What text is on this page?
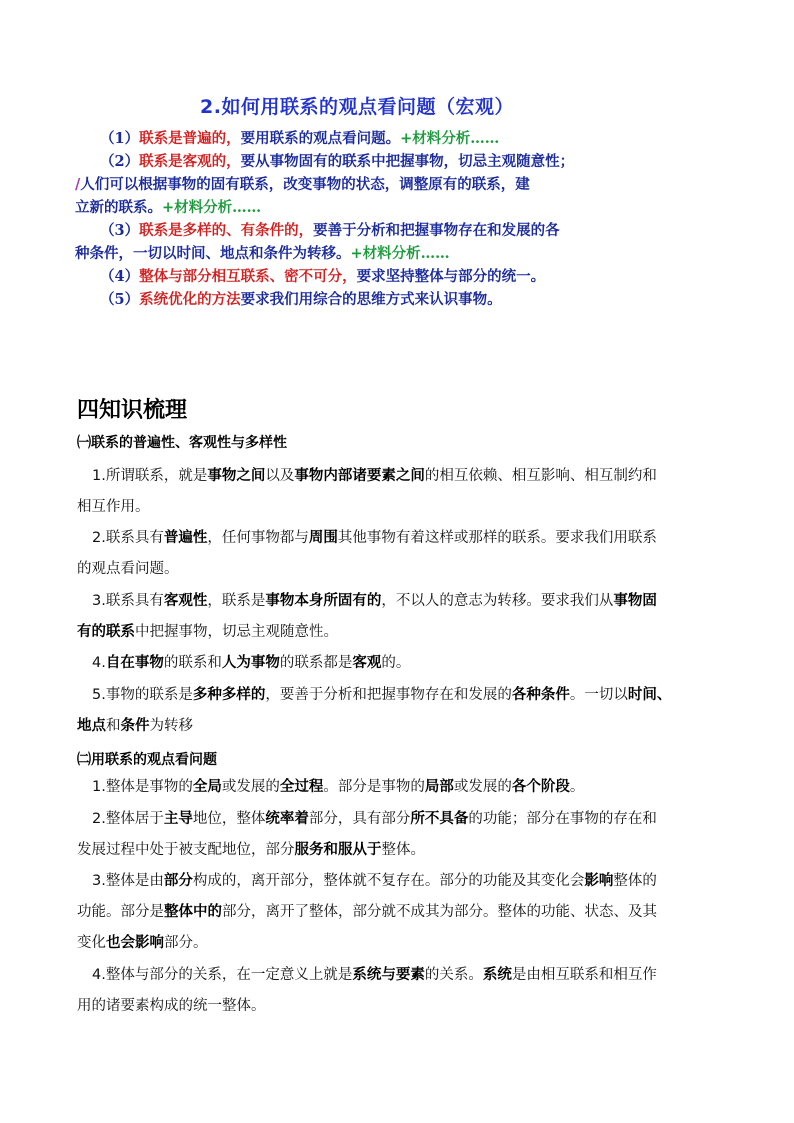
2.如何用联系的观点看问题（宏观）
（1）联系是普遍的，要用联系的观点看问题。+材料分析……
（2）联系是客观的，要从事物固有的联系中把握事物，切忌主观随意性；
/人们可以根据事物的固有联系，改变事物的状态，调整原有的联系，建
立新的联系。+材料分析……
（3）联系是多样的、有条件的，要善于分析和把握事物存在和发展的各
种条件，一切以时间、地点和条件为转移。+材料分析……
（4）整体与部分相互联系、密不可分，要求坚持整体与部分的统一。
（5）系统优化的方法要求我们用综合的思维方式来认识事物。
四知识梳理
㈠联系的普遍性、客观性与多样性
1.所谓联系，就是事物之间以及事物内部诸要素之间的相互依赖、相互影响、相互制约和
相互作用。
2.联系具有普遍性，任何事物都与周围其他事物有着这样或那样的联系。要求我们用联系
的观点看问题。
3.联系具有客观性，联系是事物本身所固有的，不以人的意志为转移。要求我们从事物固
有的联系中把握事物，切忌主观随意性。
4.自在事物的联系和人为事物的联系都是客观的。
5.事物的联系是多种多样的，要善于分析和把握事物存在和发展的各种条件。一切以时间、
地点和条件为转移
㈡用联系的观点看问题
1.整体是事物的全局或发展的全过程。部分是事物的局部或发展的各个阶段。
2.整体居于主导地位，整体统率着部分，具有部分所不具备的功能；部分在事物的存在和
发展过程中处于被支配地位，部分服务和服从于整体。
3.整体是由部分构成的，离开部分，整体就不复存在。部分的功能及其变化会影响整体的
功能。部分是整体中的部分，离开了整体，部分就不成其为部分。整体的功能、状态、及其
变化也会影响部分。
4.整体与部分的关系，在一定意义上就是系统与要素的关系。系统是由相互联系和相互作
用的诸要素构成的统一整体。
